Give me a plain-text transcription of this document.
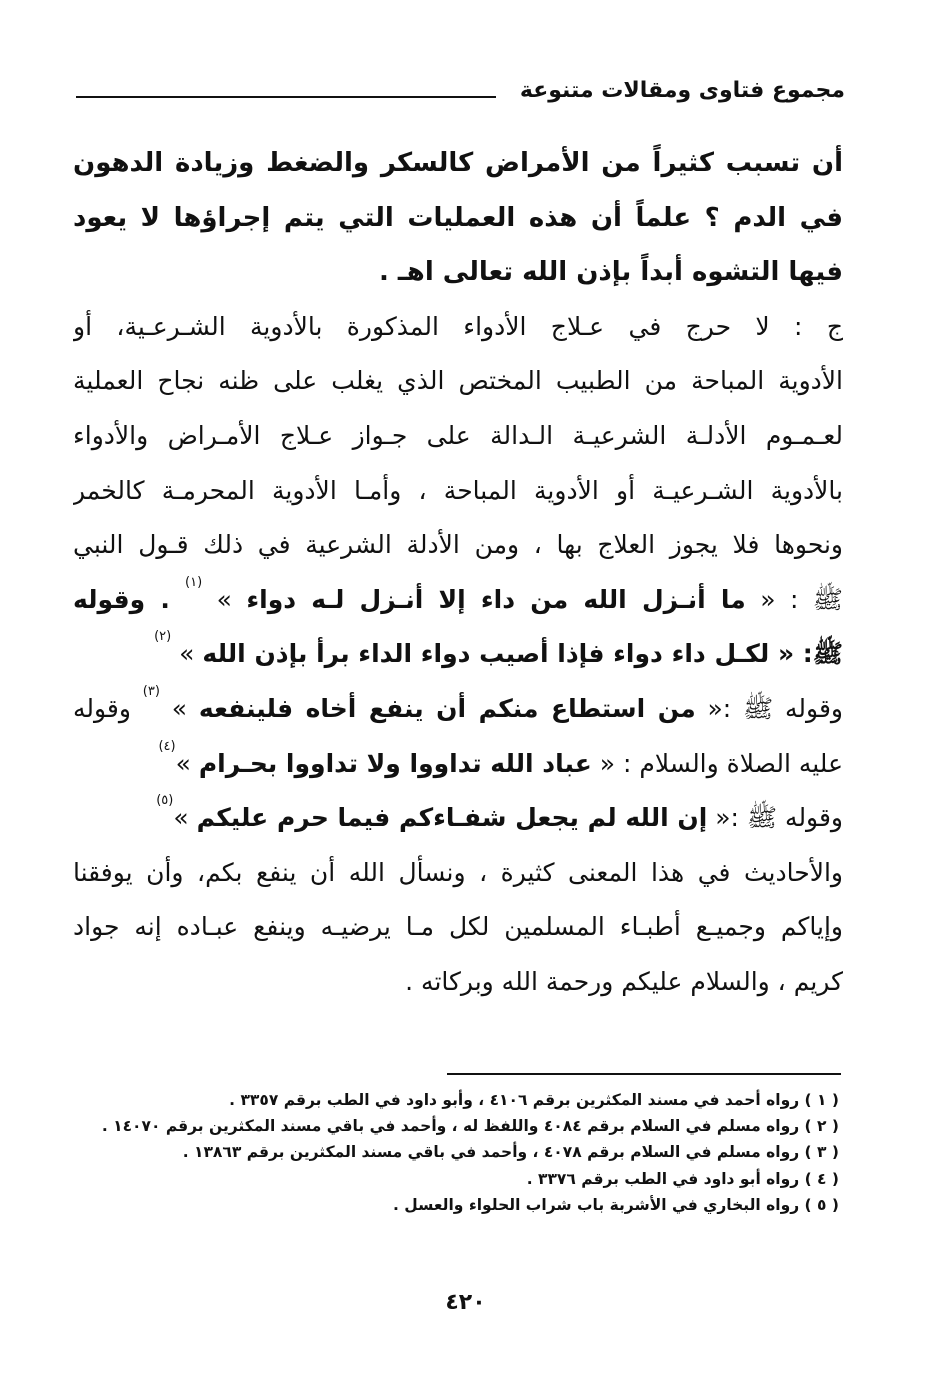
مجموع فتاوى ومقالات متنوعة
أن تسبب كثيراً من الأمراض كالسكر والضغط وزيادة الدهون
في الدم ؟ علماً أن هذه العمليات التي يتم إجراؤها لا يعود
فيها التشوه أبداً بإذن الله تعالى اهـ .
ج : لا حرج في عـلاج الأدواء المذكورة بالأدوية الشـرعـية، أو
الأدوية المباحة من الطبيب المختص الذي يغلب على ظنه نجاح العملية
لعـمـوم الأدلـة الشرعيـة الـدالة على جـواز عـلاج الأمـراض والأدواء
بالأدوية الشـرعيـة أو الأدوية المباحة ، وأمـا الأدوية المحرمـة كالخمر
ونحوها فلا يجوز العلاج بها ، ومن الأدلة الشرعية في ذلك قـول النبي
ﷺ : « ما أنـزل الله من داء إلا أنـزل لـه دواء » $^{(١)}$ . وقوله
ﷺ: « لكـل داء دواء فإذا أصيب دواء الداء برأ بإذن الله » $^{(٢)}$
وقوله ﷺ :« من استطاع منكم أن ينفع أخاه فلينفعه » $^{(٣)}$ وقوله
عليه الصلاة والسلام : « عباد الله تداووا ولا تداووا بحـرام »$^{(٤)}$
وقوله ﷺ :« إن الله لم يجعل شفـاءكم فيما حرم عليكم »$^{(٥)}$
والأحاديث في هذا المعنى كثيرة ، ونسأل الله أن ينفع بكم، وأن يوفقنا
وإياكم وجميـع أطبـاء المسلمين لكل مـا يرضيـه وينفع عبـاده إنه جواد
كريم ، والسلام عليكم ورحمة الله وبركاته .
( ١ ) رواه أحمد في مسند المكثرين برقم ٤١٠٦ ، وأبو داود في الطب برقم ٣٣٥٧ .
( ٢ ) رواه مسلم في السلام برقم ٤٠٨٤ واللفظ له ، وأحمد في باقي مسند المكثرين برقم ١٤٠٧٠ .
( ٣ ) رواه مسلم في السلام برقم ٤٠٧٨ ، وأحمد في باقي مسند المكثرين برقم ١٣٨٦٣ .
( ٤ ) رواه أبو داود في الطب برقم ٣٣٧٦ .
( ٥ ) رواه البخاري في الأشربة باب شراب الحلواء والعسل .
٤٢٠
